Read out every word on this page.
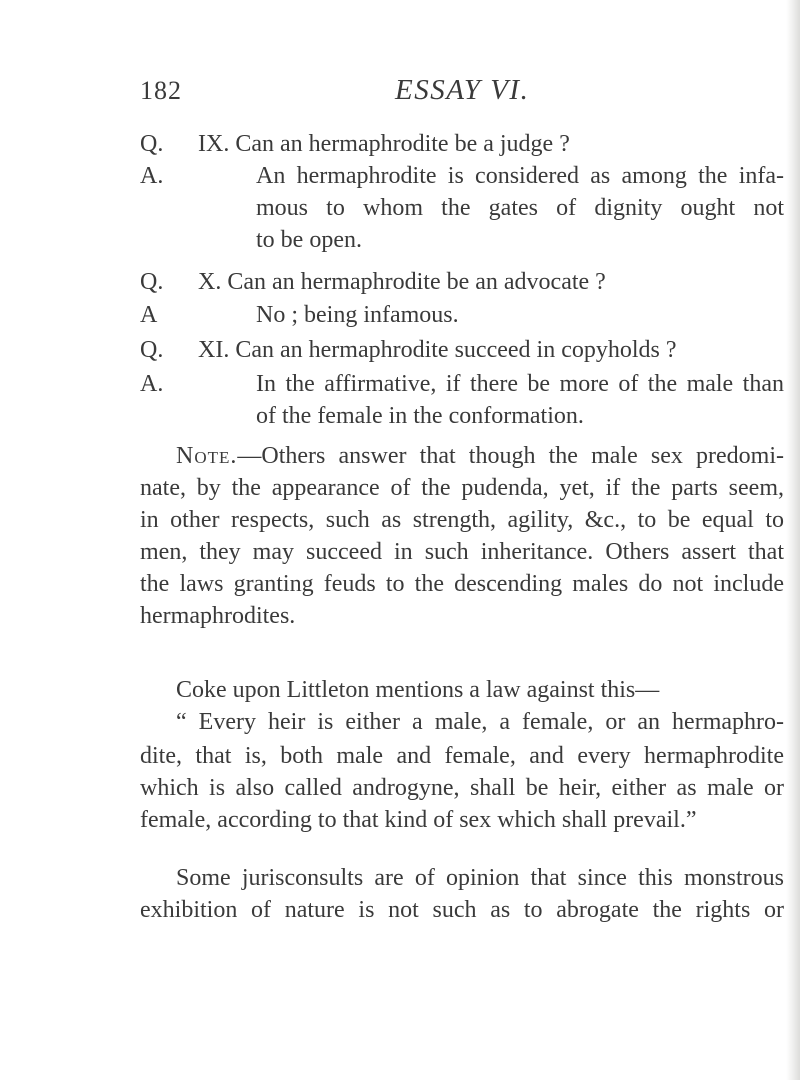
182	ESSAY VI.
Q. IX. Can an hermaphrodite be a judge ?
A.	An hermaphrodite is considered as among the infa-
mous to whom the gates of dignity ought not
to be open.
Q. X. Can an hermaphrodite be an advocate ?
A	No ; being infamous.
Q. XI. Can an hermaphrodite succeed in copyholds ?
A.	In the affirmative, if there be more of the male than
of the female in the conformation.
Note.—Others answer that though the male sex predomi-
nate, by the appearance of the pudenda, yet, if the parts seem,
in other respects, such as strength, agility, &c., to be equal to
men, they may succeed in such inheritance. Others assert that
the laws granting feuds to the descending males do not include
hermaphrodites.
Coke upon Littleton mentions a law against this—
“ Every heir is either a male, a female, or an hermaphro-
dite, that is, both male and female, and every hermaphrodite
which is also called androgyne, shall be heir, either as male or
female, according to that kind of sex which shall prevail.”
Some jurisconsults are of opinion that since this monstrous
exhibition of nature is not such as to abrogate the rights or
